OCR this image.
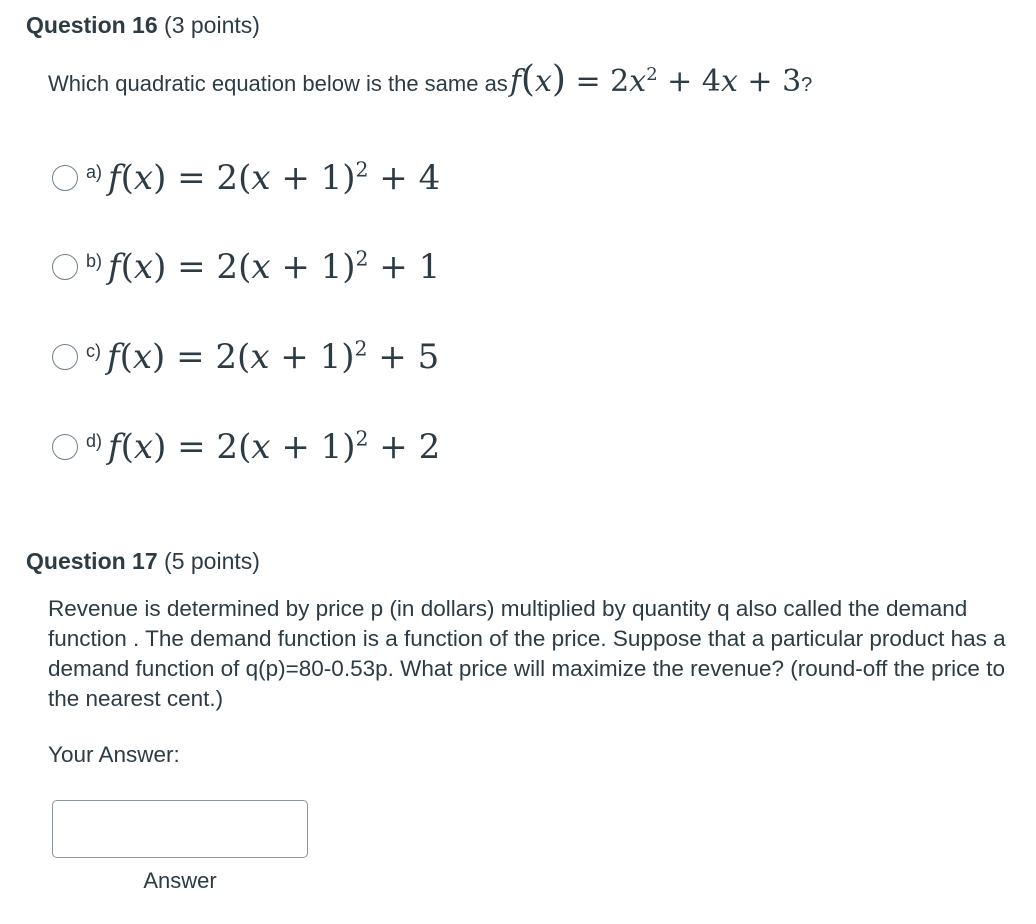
Question 16 (3 points)
Which quadratic equation below is the same as $f(x) = 2x^2 + 4x + 3$ ?
a) $f(x) = 2(x + 1)^2 + 4$
b) $f(x) = 2(x + 1)^2 + 1$
c) $f(x) = 2(x + 1)^2 + 5$
d) $f(x) = 2(x + 1)^2 + 2$
Question 17 (5 points)
Revenue is determined by price p (in dollars) multiplied by quantity q also called the demand function . The demand function is a function of the price. Suppose that a particular product has a demand function of q(p)=80-0.53p. What price will maximize the revenue? (round-off the price to the nearest cent.)
Your Answer:
Answer
